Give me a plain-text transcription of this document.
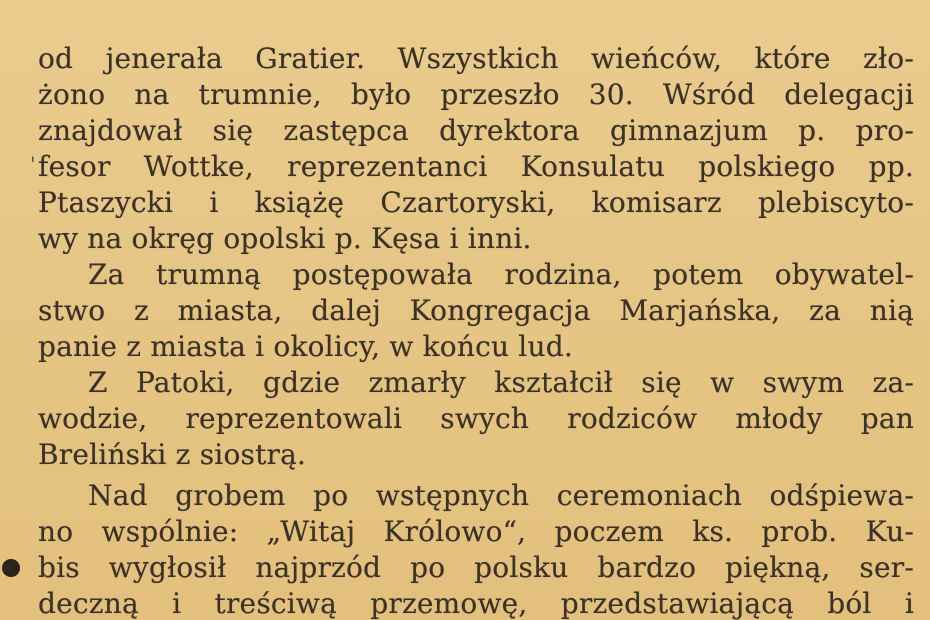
'
od jenerała Gratier. Wszystkich wieńców, które zło-
żono na trumnie, było przeszło 30. Wśród delegacji
znajdował się zastępca dyrektora gimnazjum p. pro-
fesor Wottke, reprezentanci Konsulatu polskiego pp.
Ptaszycki i książę Czartoryski, komisarz plebiscyto-
wy na okręg opolski p. Kęsa i inni.
Za trumną postępowała rodzina, potem obywatel-
stwo z miasta, dalej Kongregacja Marjańska, za nią
panie z miasta i okolicy, w końcu lud.
Z Patoki, gdzie zmarły kształcił się w swym za-
wodzie, reprezentowali swych rodziców młody pan
Breliński z siostrą.
Nad grobem po wstępnych ceremoniach odśpiewa-
no wspólnie: „Witaj Królowo“, poczem ks. prob. Ku-
bis wygłosił najprzód po polsku bardzo piękną, ser-
deczną i treściwą przemowę, przedstawiającą ból i
